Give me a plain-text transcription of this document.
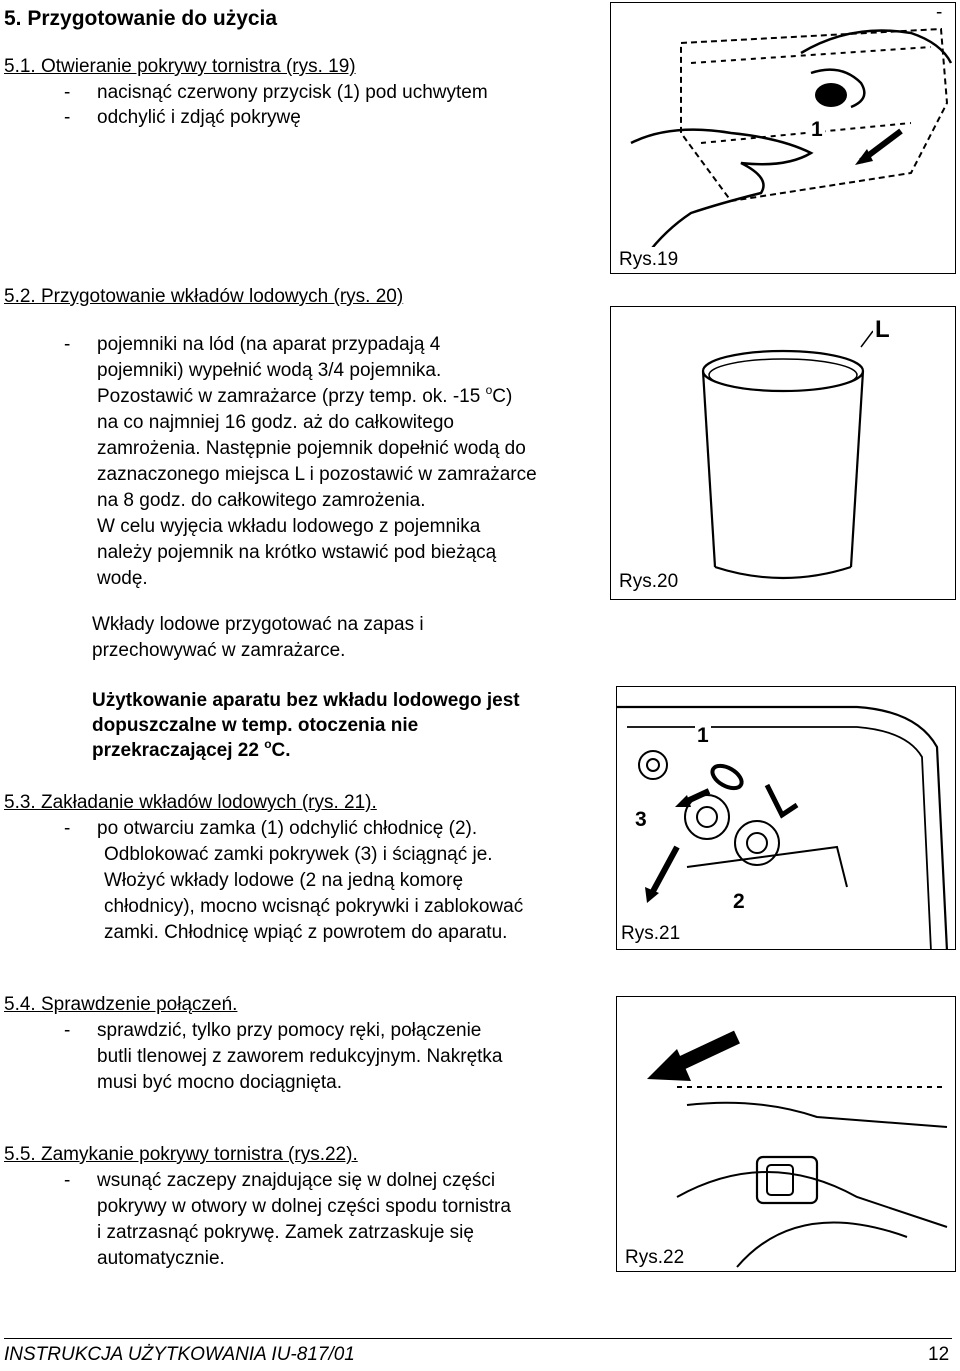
5. Przygotowanie do użycia
5.1. Otwieranie pokrywy tornistra (rys. 19)
- nacisnąć czerwony przycisk (1) pod uchwytem
- odchylić i zdjąć pokrywę
1
Rys.19
-
5.2. Przygotowanie wkładów lodowych (rys. 20)
- pojemniki na lód (na aparat przypadają 4
pojemniki) wypełnić wodą 3/4 pojemnika.
Pozostawić w zamrażarce (przy temp. ok. -15 $^o$C)
na co najmniej 16 godz. aż do całkowitego
zamrożenia. Następnie pojemnik dopełnić wodą do
zaznaczonego miejsca L i pozostawić w zamrażarce
na 8 godz. do całkowitego zamrożenia.
W celu wyjęcia wkładu lodowego z pojemnika
należy pojemnik na krótko wstawić pod bieżącą
wodę.
L
Rys.20
Wkłady lodowe przygotować na zapas i
przechowywać w zamrażarce.
Użytkowanie aparatu bez wkładu lodowego jest
dopuszczalne w temp. otoczenia nie
przekraczającej 22 $^o$C.
1
3
2
Rys.21
5.3. Zakładanie wkładów lodowych (rys. 21).
- po otwarciu zamka (1) odchylić chłodnicę (2).
Odblokować zamki pokrywek (3) i ściągnąć je.
Włożyć wkłady lodowe (2 na jedną komorę
chłodnicy), mocno wcisnąć pokrywki i zablokować
zamki. Chłodnicę wpiąć z powrotem do aparatu.
5.4. Sprawdzenie połączeń.
- sprawdzić, tylko przy pomocy ręki, połączenie
butli tlenowej z zaworem redukcyjnym. Nakrętka
musi być mocno dociągnięta.
Rys.22
5.5. Zamykanie pokrywy tornistra (rys.22).
- wsunąć zaczepy znajdujące się w dolnej części
pokrywy w otwory w dolnej części spodu tornistra
i zatrzasnąć pokrywę. Zamek zatrzaskuje się
automatycznie.
INSTRUKCJA UŻYTKOWANIA IU-817/01	12
